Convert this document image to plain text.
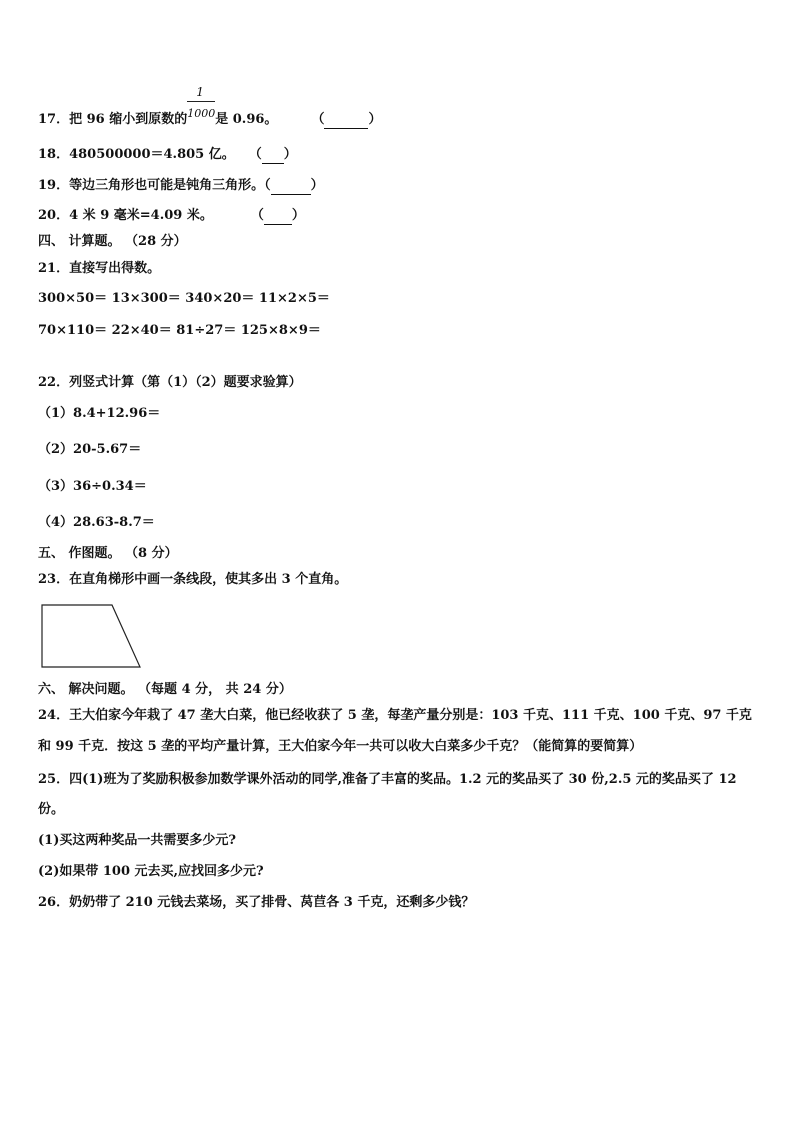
17．把 96 缩小到原数的 $\frac{1}{1000}$ 是 0.96。	（	）
18．480500000＝4.805 亿。 （ ）
19．等边三角形也可能是钝角三角形。（	）
20．4 米 9 毫米=4.09 米。	（ ）
四、 计算题。 （28 分）
21．直接写出得数。
300×50＝ 13×300＝ 340×20＝ 11×2×5＝
70×110＝ 22×40＝ 81÷27＝ 125×8×9＝
22．列竖式计算（第（1）（2）题要求验算）
（1）8.4+12.96＝
（2）20-5.67＝
（3）36÷0.34＝
（4）28.63-8.7＝
五、 作图题。 （8 分）
23．在直角梯形中画一条线段，使其多出 3 个直角。
六、 解决问题。 （每题 4 分， 共 24 分）
24．王大伯家今年栽了 47 垄大白菜，他已经收获了 5 垄，每垄产量分别是：103 千克、111 千克、100 千克、97 千克
和 99 千克．按这 5 垄的平均产量计算，王大伯家今年一共可以收大白菜多少千克？（能简算的要简算）
25．四(1)班为了奖励积极参加数学课外活动的同学,准备了丰富的奖品。1.2 元的奖品买了 30 份,2.5 元的奖品买了 12
份。
(1)买这两种奖品一共需要多少元?
(2)如果带 100 元去买,应找回多少元?
26．奶奶带了 210 元钱去菜场，买了排骨、莴苣各 3 千克，还剩多少钱？
